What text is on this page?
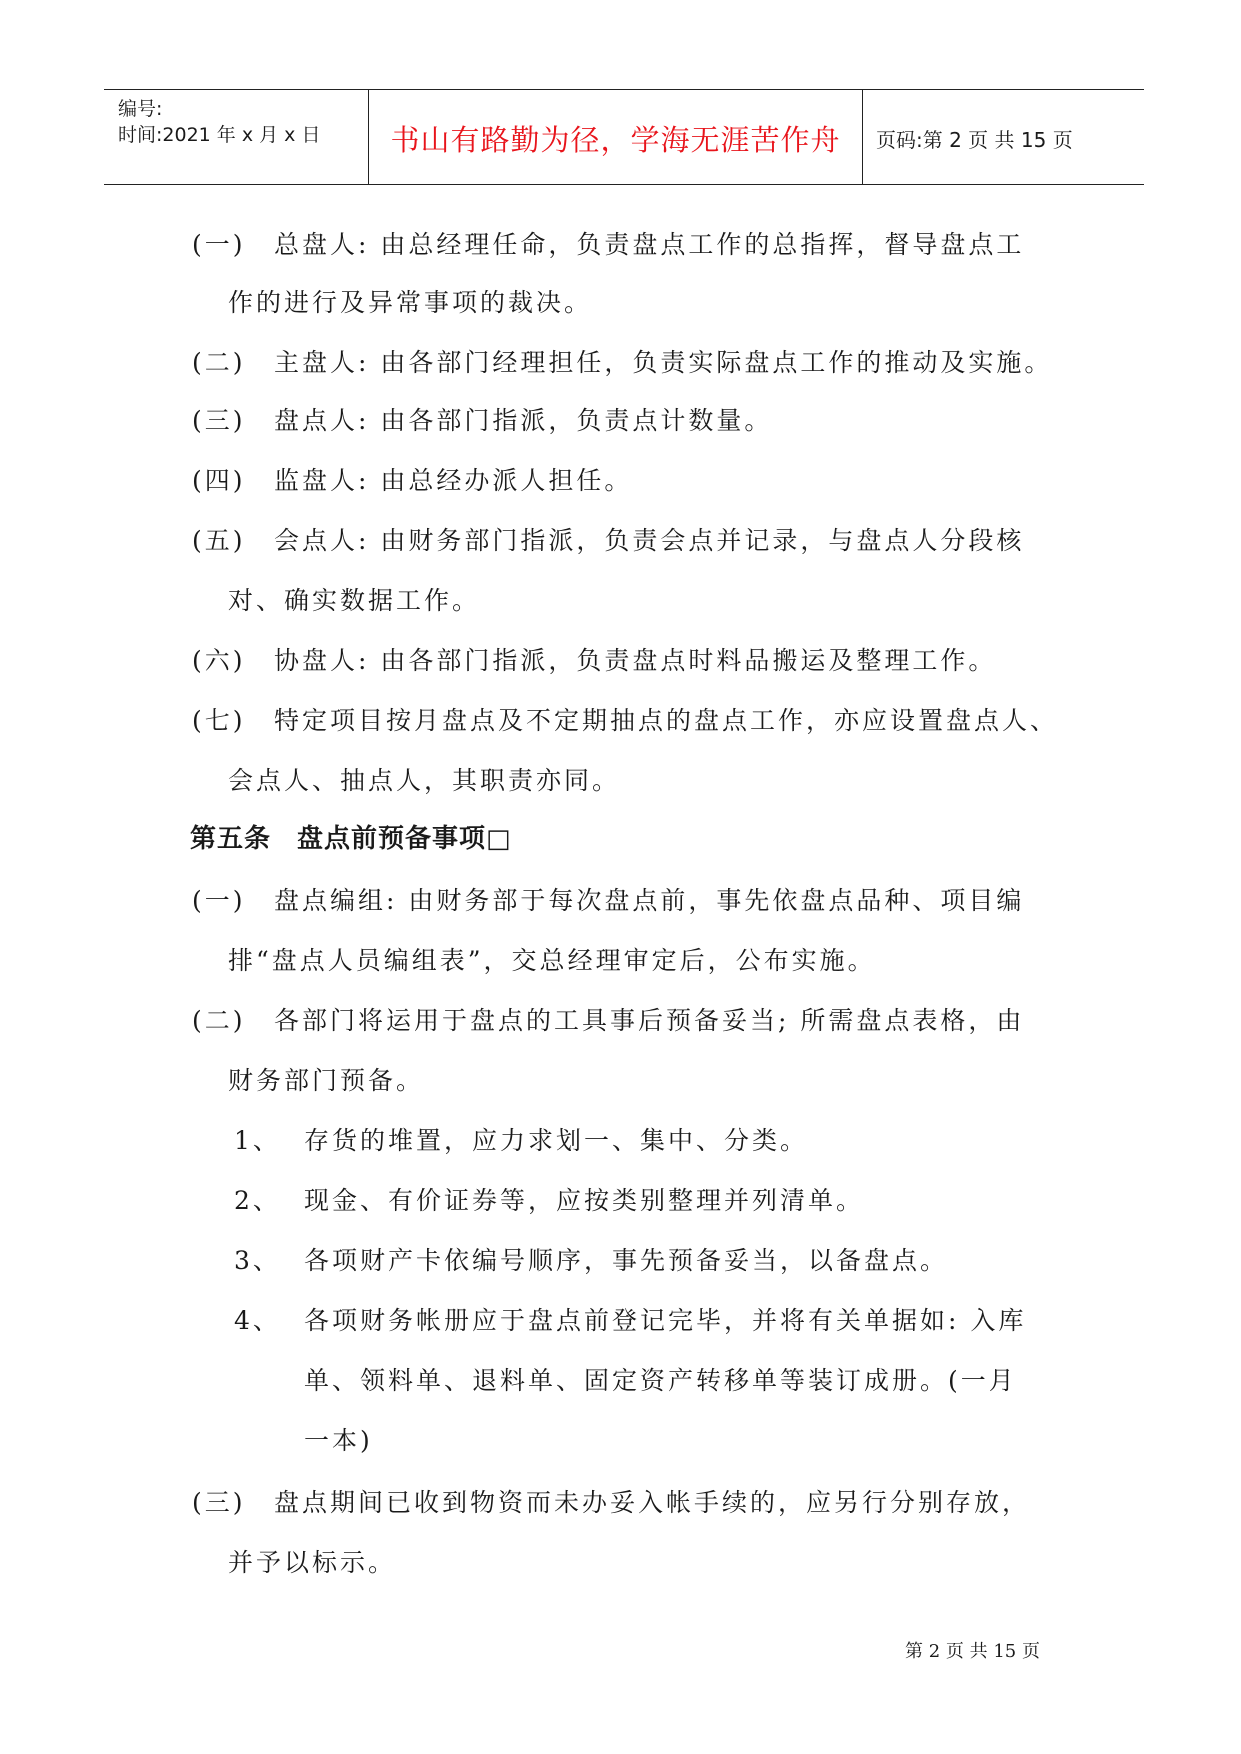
编号:
时间:2021 年 x 月 x 日	书山有路勤为径，学海无涯苦作舟	页码:第 2 页 共 15 页
(一) 总盘人: 由总经理任命，负责盘点工作的总指挥，督导盘点工
作的进行及异常事项的裁决。
(二) 主盘人: 由各部门经理担任，负责实际盘点工作的推动及实施。
(三) 盘点人: 由各部门指派，负责点计数量。
(四) 监盘人: 由总经办派人担任。
(五) 会点人: 由财务部门指派，负责会点并记录，与盘点人分段核
对、确实数据工作。
(六) 协盘人: 由各部门指派，负责盘点时料品搬运及整理工作。
(七) 特定项目按月盘点及不定期抽点的盘点工作，亦应设置盘点人、
会点人、抽点人，其职责亦同。
第五条 盘点前预备事项□
(一) 盘点编组: 由财务部于每次盘点前，事先依盘点品种、项目编
排“盘点人员编组表”，交总经理审定后，公布实施。
(二) 各部门将运用于盘点的工具事后预备妥当; 所需盘点表格，由
财务部门预备。
1、 存货的堆置，应力求划一、集中、分类。
2、 现金、有价证券等，应按类别整理并列清单。
3、 各项财产卡依编号顺序，事先预备妥当，以备盘点。
4、 各项财务帐册应于盘点前登记完毕，并将有关单据如: 入库
单、领料单、退料单、固定资产转移单等装订成册。(一月
一本)
(三) 盘点期间已收到物资而未办妥入帐手续的，应另行分别存放，
并予以标示。
第 2 页 共 15 页
